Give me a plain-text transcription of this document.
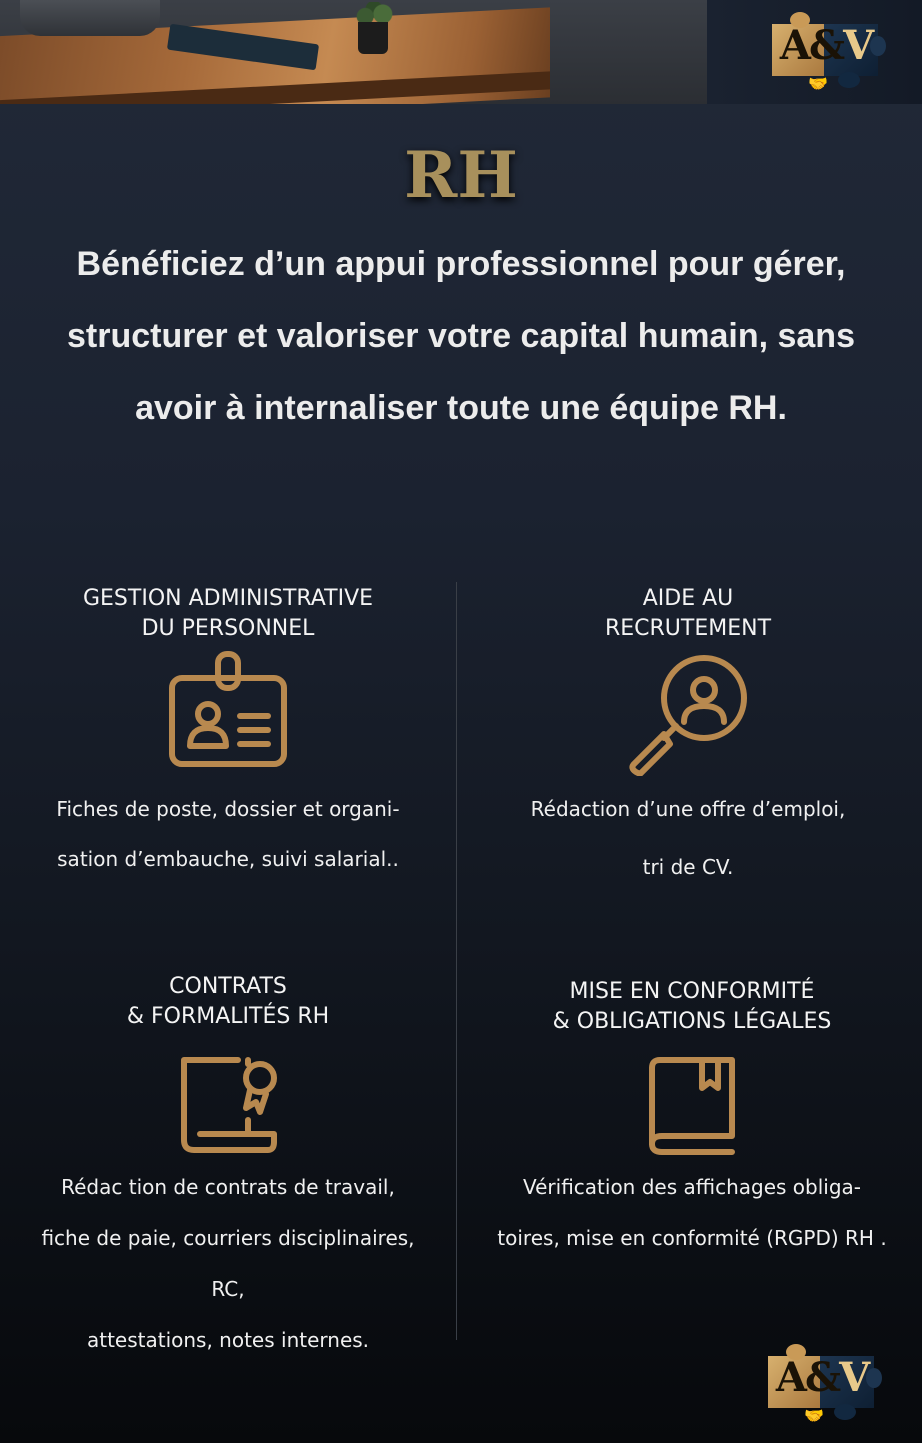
A&V
🤝
RH
Bénéficiez d’un appui professionnel pour gérer, structurer et valoriser votre capital humain, sans avoir à internaliser toute une équipe RH.
GESTION ADMINISTRATIVE
DU PERSONNEL
Fiches de poste, dossier et organi-
sation d’embauche, suivi salarial..
AIDE AU
RECRUTEMENT
Rédaction d’une offre d’emploi,
tri de CV.
CONTRATS
& FORMALITÉS RH
Rédac tion de contrats de travail,
fiche de paie, courriers disciplinaires,
RC,
attestations, notes internes.
MISE EN CONFORMITÉ
& OBLIGATIONS LÉGALES
Vérification des affichages obliga-
toires, mise en conformité (RGPD) RH .
A&V
🤝
